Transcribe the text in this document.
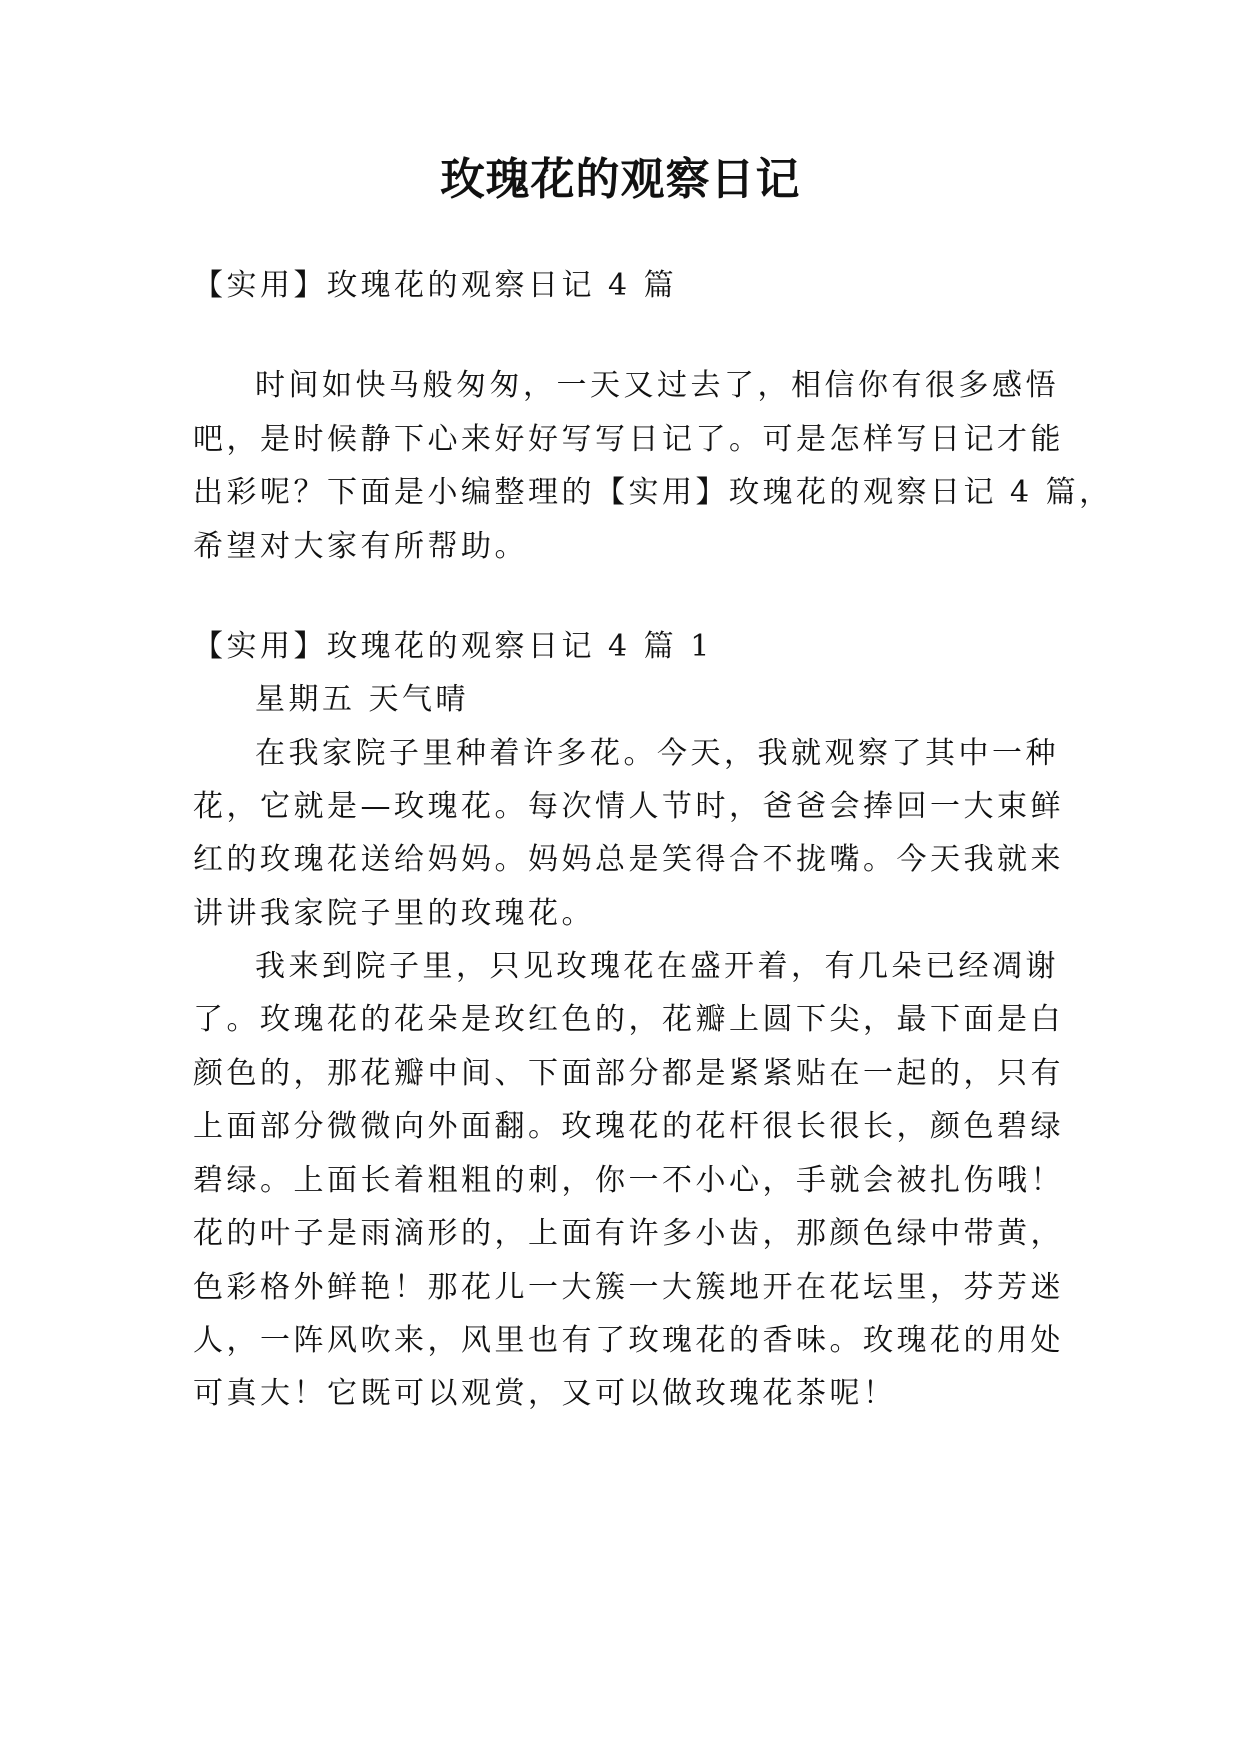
玫瑰花的观察日记
【实用】玫瑰花的观察日记 4 篇
时间如快马般匆匆，一天又过去了，相信你有很多感悟
吧，是时候静下心来好好写写日记了。可是怎样写日记才能
出彩呢？下面是小编整理的【实用】玫瑰花的观察日记 4 篇，
希望对大家有所帮助。
【实用】玫瑰花的观察日记 4 篇 1
星期五 天气晴
在我家院子里种着许多花。今天，我就观察了其中一种
花，它就是—玫瑰花。每次情人节时，爸爸会捧回一大束鲜
红的玫瑰花送给妈妈。妈妈总是笑得合不拢嘴。今天我就来
讲讲我家院子里的玫瑰花。
我来到院子里，只见玫瑰花在盛开着，有几朵已经凋谢
了。玫瑰花的花朵是玫红色的，花瓣上圆下尖，最下面是白
颜色的，那花瓣中间、下面部分都是紧紧贴在一起的，只有
上面部分微微向外面翻。玫瑰花的花杆很长很长，颜色碧绿
碧绿。上面长着粗粗的刺，你一不小心，手就会被扎伤哦！
花的叶子是雨滴形的，上面有许多小齿，那颜色绿中带黄，
色彩格外鲜艳！那花儿一大簇一大簇地开在花坛里，芬芳迷
人，一阵风吹来，风里也有了玫瑰花的香味。玫瑰花的用处
可真大！它既可以观赏，又可以做玫瑰花茶呢！
